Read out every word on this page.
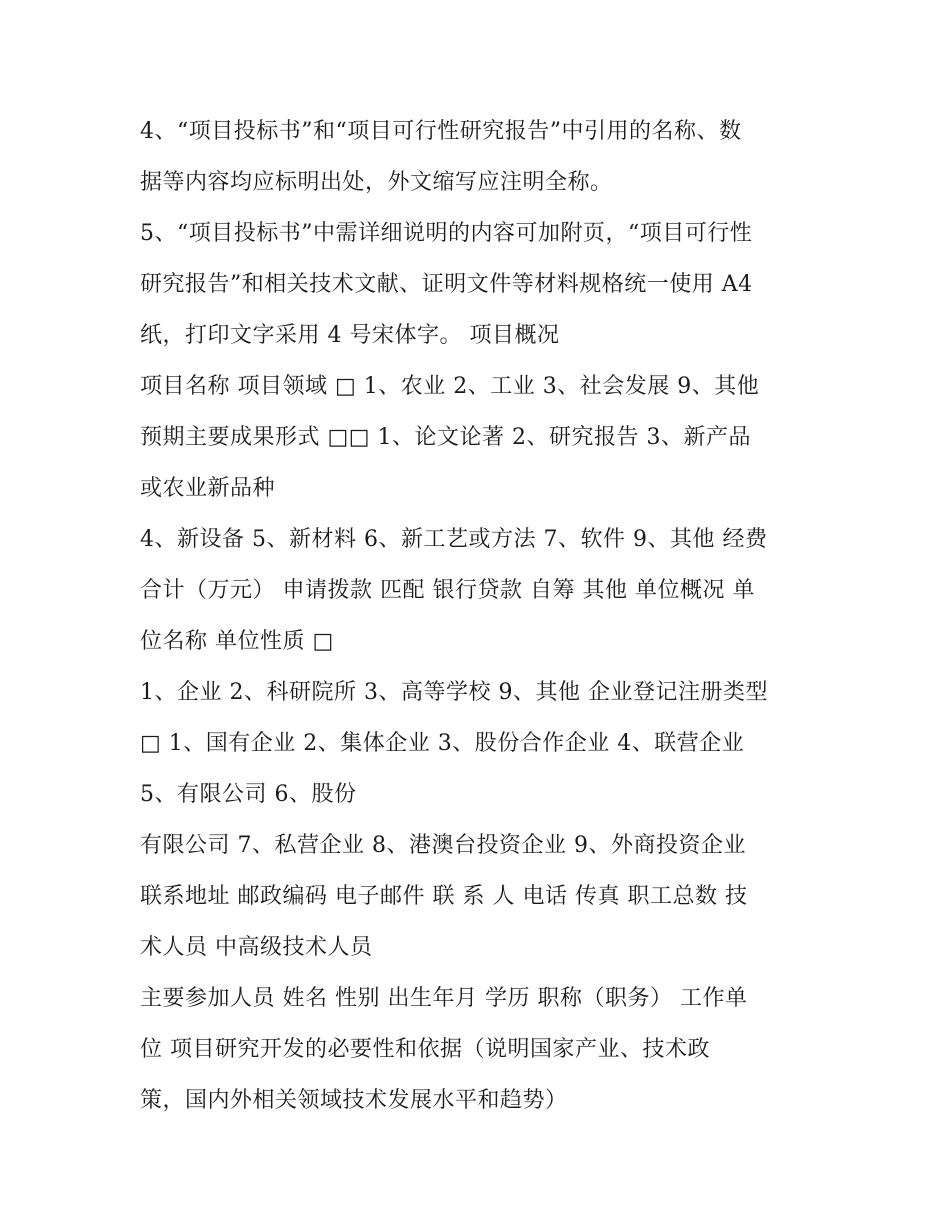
4、“项目投标书”和“项目可行性研究报告”中引用的名称、数
据等内容均应标明出处，外文缩写应注明全称。
5、“项目投标书”中需详细说明的内容可加附页，“项目可行性
研究报告”和相关技术文献、证明文件等材料规格统一使用 A4
纸，打印文字采用 4 号宋体字。 项目概况
项目名称 项目领域 □ 1、农业 2、工业 3、社会发展 9、其他
预期主要成果形式 □□ 1、论文论著 2、研究报告 3、新产品
或农业新品种
4、新设备 5、新材料 6、新工艺或方法 7、软件 9、其他 经费
合计（万元） 申请拨款 匹配 银行贷款 自筹 其他 单位概况 单
位名称 单位性质 □
1、企业 2、科研院所 3、高等学校 9、其他 企业登记注册类型
□ 1、国有企业 2、集体企业 3、股份合作企业 4、联营企业
5、有限公司 6、股份
有限公司 7、私营企业 8、港澳台投资企业 9、外商投资企业
联系地址 邮政编码 电子邮件 联 系 人 电话 传真 职工总数 技
术人员 中高级技术人员
主要参加人员 姓名 性别 出生年月 学历 职称（职务） 工作单
位 项目研究开发的必要性和依据（说明国家产业、技术政
策，国内外相关领域技术发展水平和趋势）
